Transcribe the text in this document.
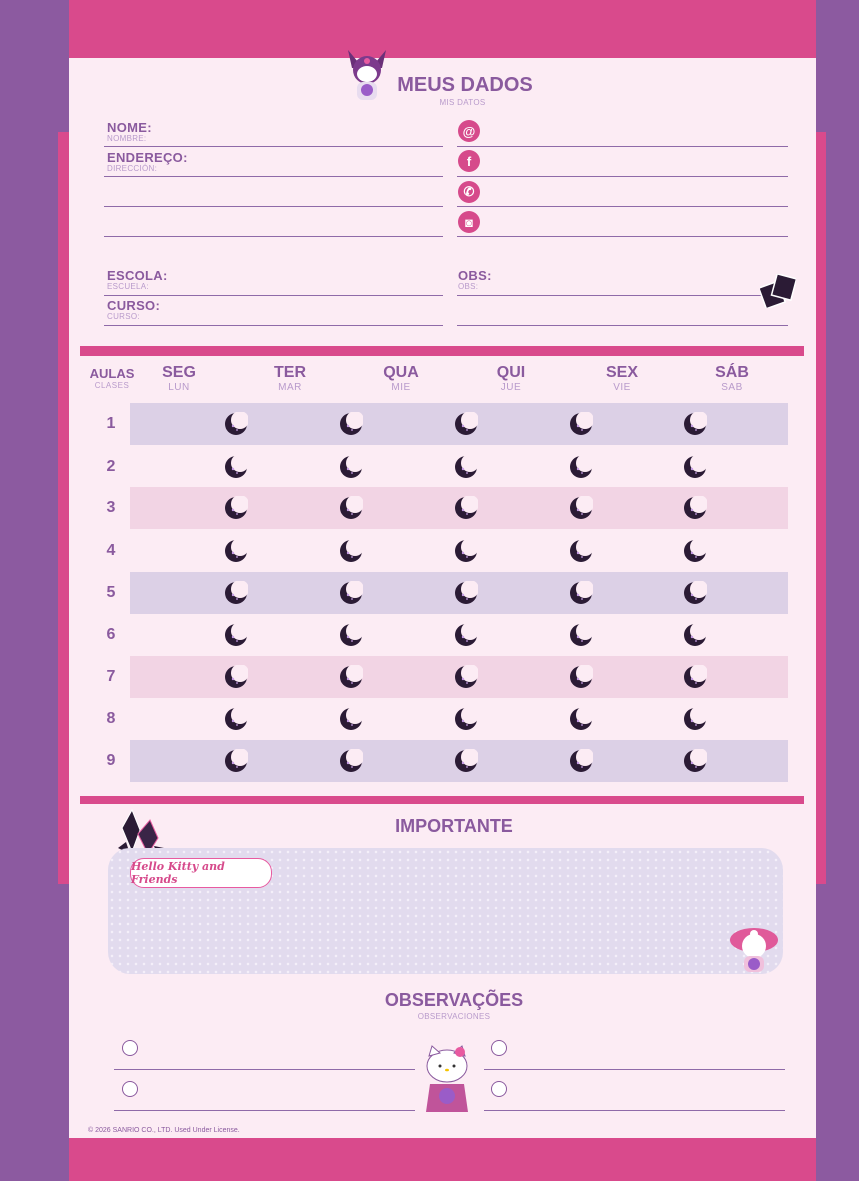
MEUS DADOS
MIS DATOS
NOME:
NOMBRE:
ENDEREÇO:
DIRECCIÓN:
@
f
✆
◙
ESCOLA:
ESCUELA:
CURSO:
CURSO:
OBS:
OBS:
AULAS
CLASES
SEG
LUN
TER
MAR
QUA
MIE
QUI
JUE
SEX
VIE
SÁB
SAB
1
2
3
4
5
6
7
8
9
IMPORTANTE
Hello Kitty and Friends
OBSERVAÇÕES
OBSERVACIONES
© 2026 SANRIO CO., LTD. Used Under License.
